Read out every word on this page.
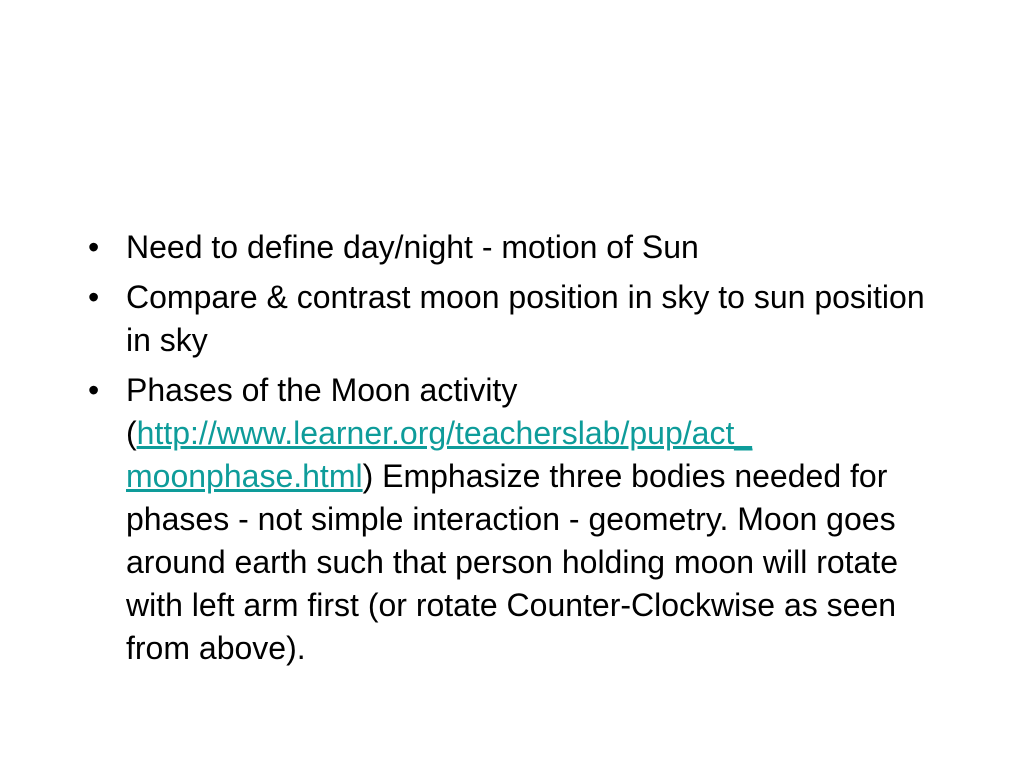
• Need to define day/night - motion of Sun
• Compare & contrast moon position in sky to sun position in sky
• Phases of the Moon activity (http://www.learner.org/teacherslab/pup/act_
moonphase.html) Emphasize three bodies needed for phases - not simple interaction - geometry. Moon goes around earth such that person holding moon will rotate with left arm first (or rotate Counter-Clockwise as seen from above).
